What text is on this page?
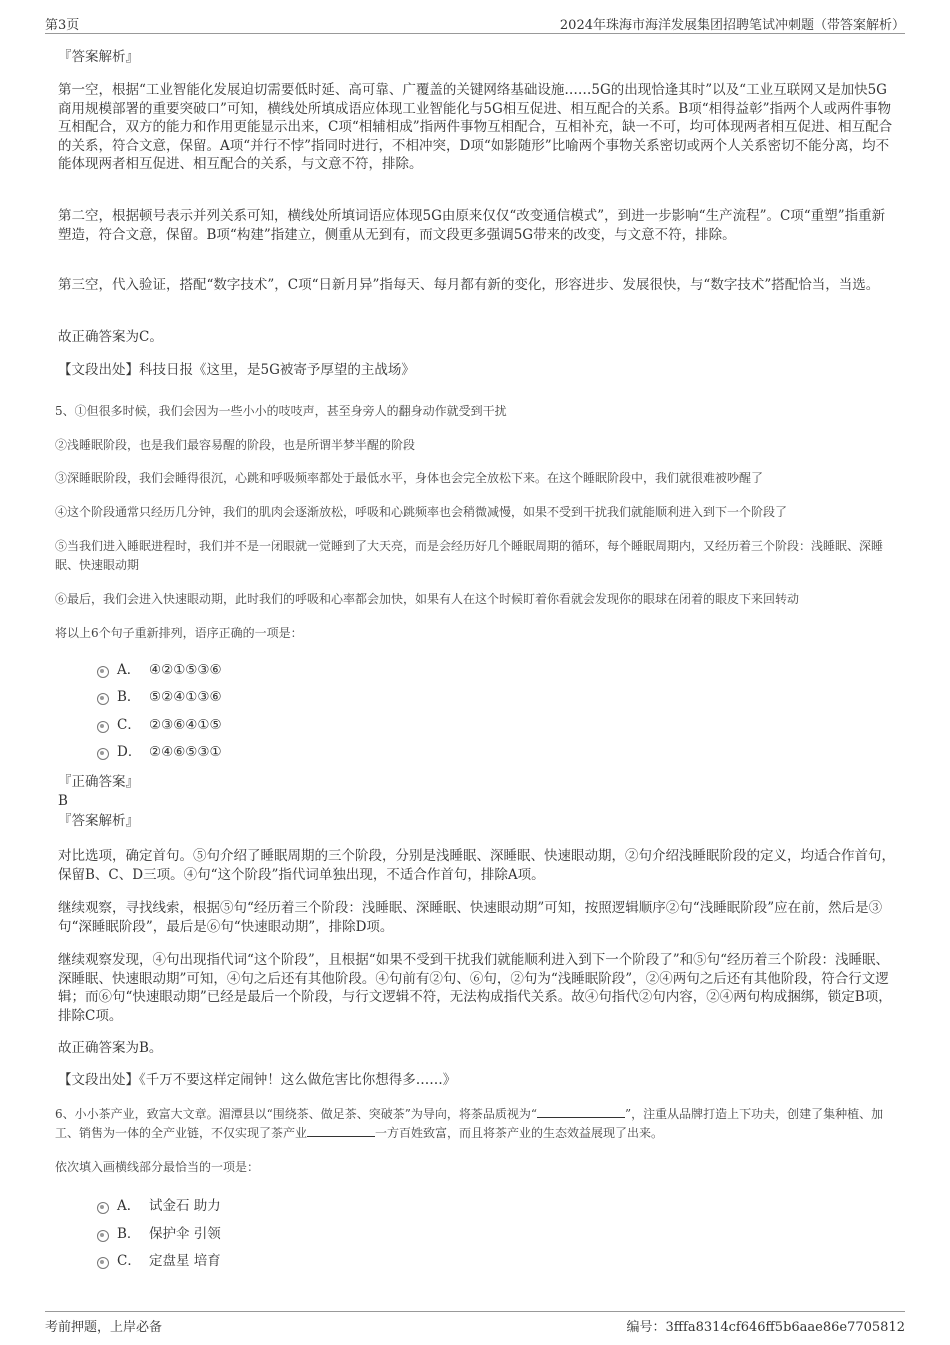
第3页	2024年珠海市海洋发展集团招聘笔试冲刺题（带答案解析）
『答案解析』
第一空，根据“工业智能化发展迫切需要低时延、高可靠、广覆盖的关键网络基础设施……5G的出现恰逢其时”以及“工业互联网又是加快5G商用规模部署的重要突破口”可知，横线处所填成语应体现工业智能化与5G相互促进、相互配合的关系。B项“相得益彰”指两个人或两件事物互相配合，双方的能力和作用更能显示出来，C项“相辅相成”指两件事物互相配合，互相补充，缺一不可，均可体现两者相互促进、相互配合的关系，符合文意，保留。A项“并行不悖”指同时进行，不相冲突，D项“如影随形”比喻两个事物关系密切或两个人关系密切不能分离，均不能体现两者相互促进、相互配合的关系，与文意不符，排除。
第二空，根据顿号表示并列关系可知，横线处所填词语应体现5G由原来仅仅“改变通信模式”，到进一步影响“生产流程”。C项“重塑”指重新塑造，符合文意，保留。B项“构建”指建立，侧重从无到有，而文段更多强调5G带来的改变，与文意不符，排除。
第三空，代入验证，搭配“数字技术”，C项“日新月异”指每天、每月都有新的变化，形容进步、发展很快，与“数字技术”搭配恰当，当选。
故正确答案为C。
【文段出处】科技日报《这里，是5G被寄予厚望的主战场》
5、①但很多时候，我们会因为一些小小的吱吱声，甚至身旁人的翻身动作就受到干扰
②浅睡眠阶段，也是我们最容易醒的阶段，也是所谓半梦半醒的阶段
③深睡眠阶段，我们会睡得很沉，心跳和呼吸频率都处于最低水平，身体也会完全放松下来。在这个睡眠阶段中，我们就很难被吵醒了
④这个阶段通常只经历几分钟，我们的肌肉会逐渐放松，呼吸和心跳频率也会稍微减慢，如果不受到干扰我们就能顺利进入到下一个阶段了
⑤当我们进入睡眠进程时，我们并不是一闭眼就一觉睡到了大天亮，而是会经历好几个睡眠周期的循环，每个睡眠周期内，又经历着三个阶段：浅睡眠、深睡眠、快速眼动期
⑥最后，我们会进入快速眼动期，此时我们的呼吸和心率都会加快，如果有人在这个时候盯着你看就会发现你的眼球在闭着的眼皮下来回转动
将以上6个句子重新排列，语序正确的一项是：
A． ④②①⑤③⑥
B． ⑤②④①③⑥
C． ②③⑥④①⑤
D． ②④⑥⑤③①
『正确答案』
B
『答案解析』
对比选项，确定首句。⑤句介绍了睡眠周期的三个阶段，分别是浅睡眠、深睡眠、快速眼动期，②句介绍浅睡眠阶段的定义，均适合作首句，保留B、C、D三项。④句“这个阶段”指代词单独出现，不适合作首句，排除A项。
继续观察，寻找线索，根据⑤句“经历着三个阶段：浅睡眠、深睡眠、快速眼动期”可知，按照逻辑顺序②句“浅睡眠阶段”应在前，然后是③句“深睡眠阶段”，最后是⑥句“快速眼动期”，排除D项。
继续观察发现，④句出现指代词“这个阶段”，且根据“如果不受到干扰我们就能顺利进入到下一个阶段了”和⑤句“经历着三个阶段：浅睡眠、深睡眠、快速眼动期”可知，④句之后还有其他阶段。④句前有②句、⑥句，②句为“浅睡眠阶段”，②④两句之后还有其他阶段，符合行文逻辑；而⑥句“快速眼动期”已经是最后一个阶段，与行文逻辑不符，无法构成指代关系。故④句指代②句内容，②④两句构成捆绑，锁定B项，排除C项。
故正确答案为B。
【文段出处】《千万不要这样定闹钟！这么做危害比你想得多……》
6、小小茶产业，致富大文章。湄潭县以“围绕茶、做足茶、突破茶”为导向，将茶品质视为“	”，注重从品牌打造上下功夫，创建了集种植、加工、销售为一体的全产业链，不仅实现了茶产业	一方百姓致富，而且将茶产业的生态效益展现了出来。
依次填入画横线部分最恰当的一项是：
A． 试金石 助力
B． 保护伞 引领
C． 定盘星 培育
考前押题，上岸必备	编号：3fffa8314cf646ff5b6aae86e7705812
